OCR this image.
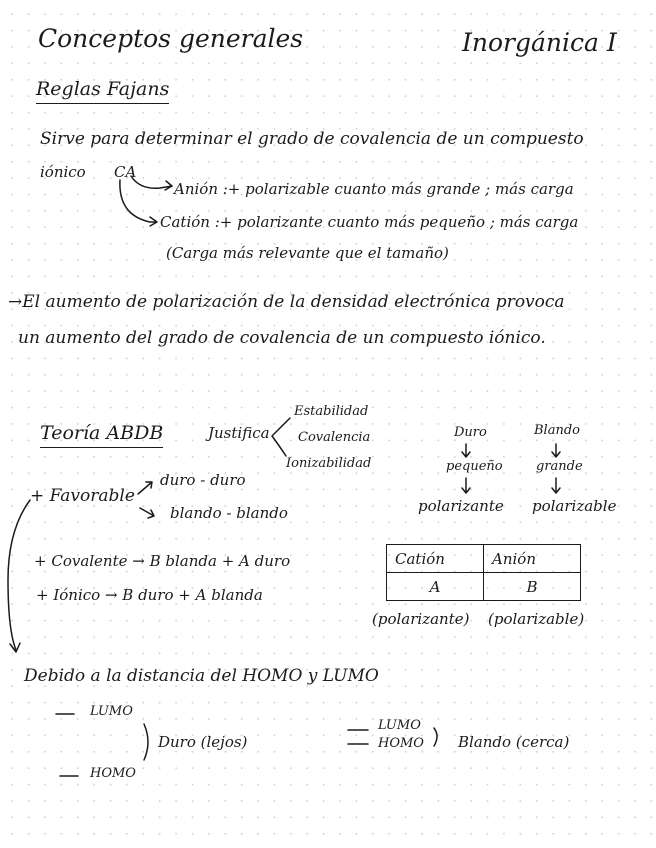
Conceptos generales	Inorgánica I
Reglas Fajans
Sirve para determinar el grado de covalencia de un compuesto
iónico CA
Anión :+ polarizable cuanto más grande ; más carga
Catión :+ polarizante cuanto más pequeño ; más carga
(Carga más relevante que el tamaño)
→El aumento de polarización de la densidad electrónica provoca
un aumento del grado de covalencia de un compuesto iónico.
Teoría ABDB	Justifica
Estabilidad
Covalencia
Ionizabilidad
Duro
pequeño
polarizante
Blando
grande
polarizable
+ Favorable
duro - duro
blando - blando
+ Covalente → B blanda + A duro
+ Iónico → B duro + A blanda
Catión	Anión
A	B
(polarizante) (polarizable)
Debido a la distancia del HOMO y LUMO
LUMO
HOMO
Duro (lejos)
LUMO
HOMO Blando (cerca)
